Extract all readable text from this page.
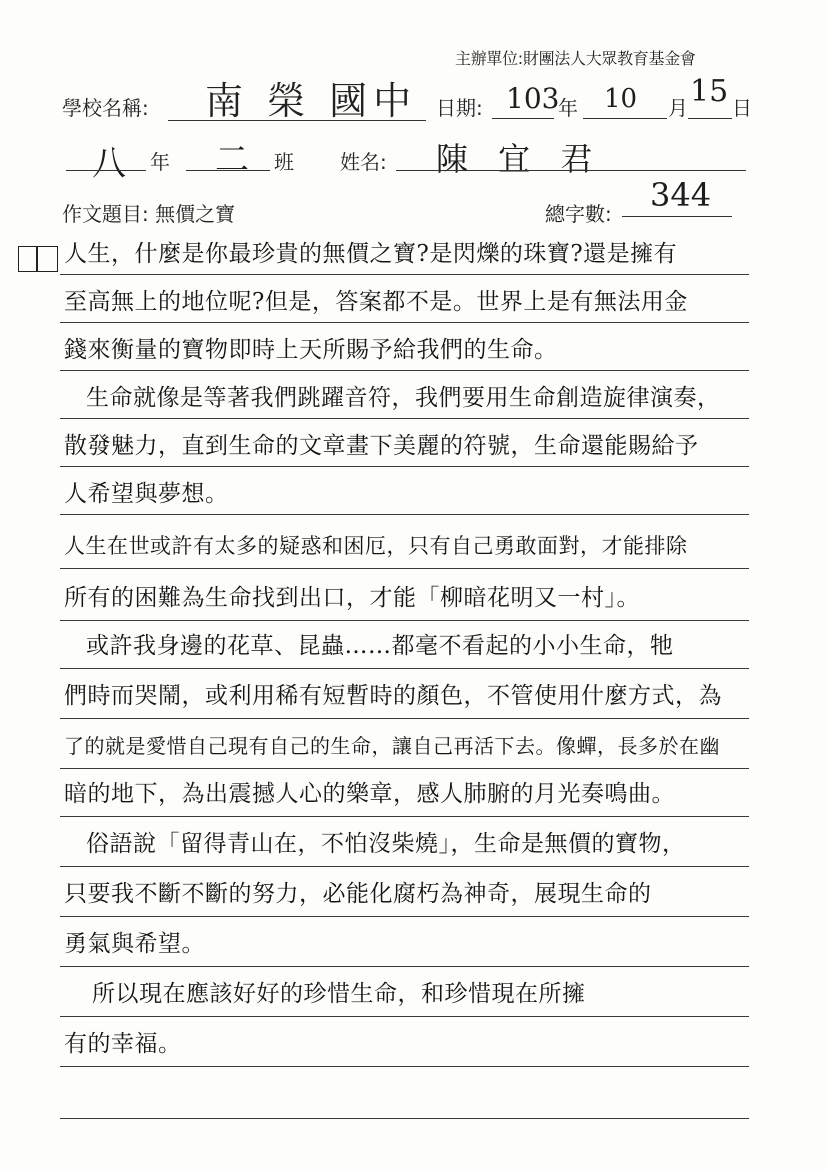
主辦單位:財團法人大眾教育基金會
學校名稱: 南 榮 國中 日期: 103
年 10 月 15 日
八 年 二 班 姓名: 陳 宜 君
作文題目: 無價之寶	總字數: 344
人生，什麼是你最珍貴的無價之寶?是閃爍的珠寶?還是擁有
至高無上的地位呢?但是，答案都不是。世界上是有無法用金
錢來衡量的寶物即時上天所賜予給我們的生命。
生命就像是等著我們跳躍音符，我們要用生命創造旋律演奏，
散發魅力，直到生命的文章畫下美麗的符號，生命還能賜給予
人希望與夢想。
人生在世或許有太多的疑惑和困厄，只有自己勇敢面對，才能排除
所有的困難為生命找到出口，才能「柳暗花明又一村」。
或許我身邊的花草、昆蟲……都毫不看起的小小生命，牠
們時而哭鬧，或利用稀有短暫時的顏色，不管使用什麼方式，為
了的就是愛惜自己現有自己的生命，讓自己再活下去。像蟬，長多於在幽
暗的地下，為出震撼人心的樂章，感人肺腑的月光奏鳴曲。
俗語說「留得青山在，不怕沒柴燒」，生命是無價的寶物，
只要我不斷不斷的努力，必能化腐朽為神奇，展現生命的
勇氣與希望。
所以現在應該好好的珍惜生命，和珍惜現在所擁
有的幸福。
